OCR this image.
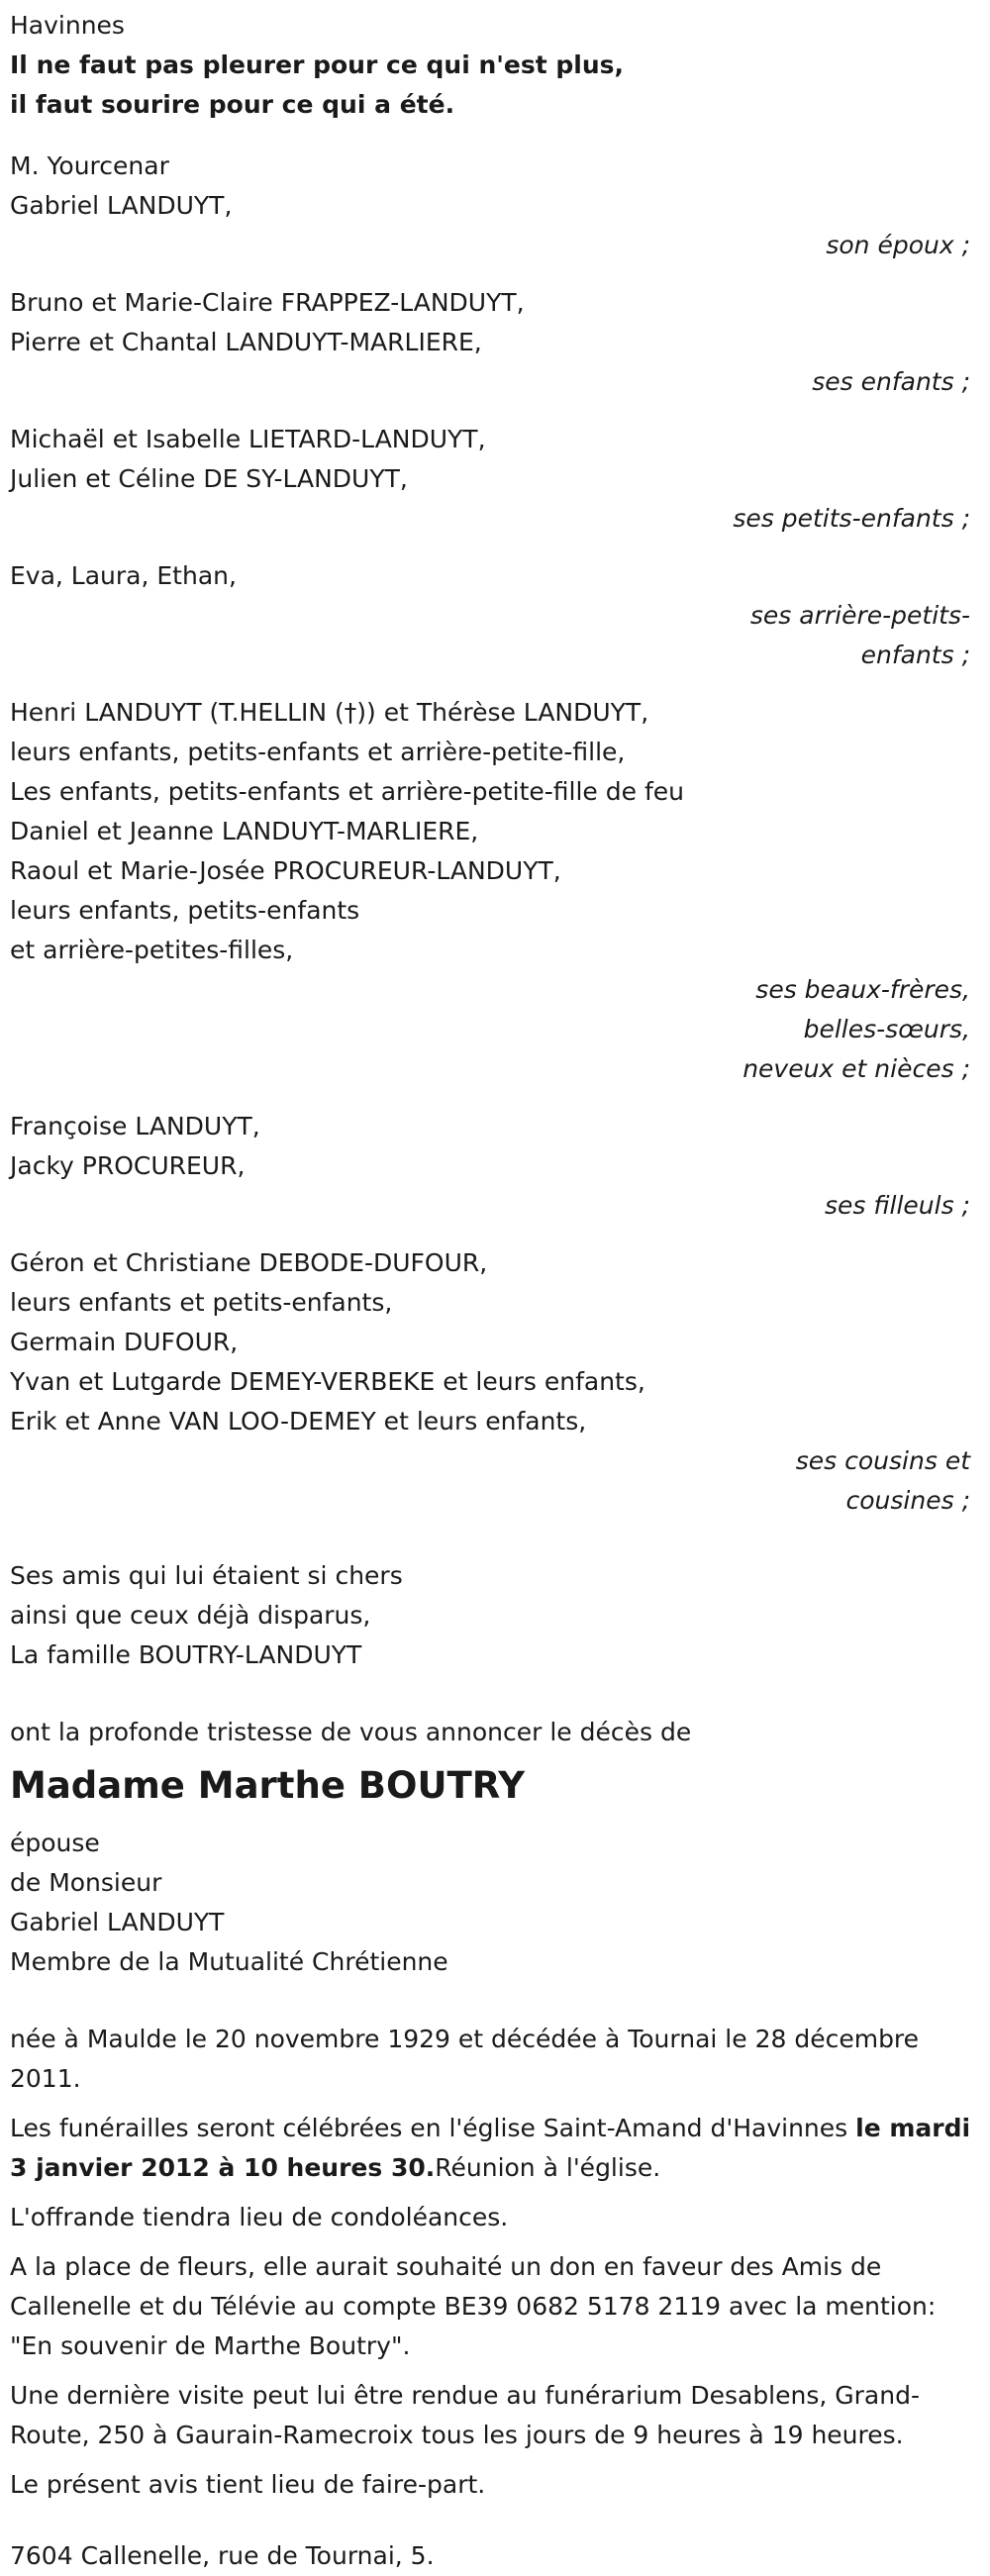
Havinnes
Il ne faut pas pleurer pour ce qui n'est plus,
il faut sourire pour ce qui a été.
M. Yourcenar
Gabriel LANDUYT,
son époux ;
Bruno et Marie-Claire FRAPPEZ-LANDUYT,
Pierre et Chantal LANDUYT-MARLIERE,
ses enfants ;
Michaël et Isabelle LIETARD-LANDUYT,
Julien et Céline DE SY-LANDUYT,
ses petits-enfants ;
Eva, Laura, Ethan,
ses arrière-petits-
enfants ;
Henri LANDUYT (T.HELLIN (†)) et Thérèse LANDUYT,
leurs enfants, petits-enfants et arrière-petite-fille,
Les enfants, petits-enfants et arrière-petite-fille de feu
Daniel et Jeanne LANDUYT-MARLIERE,
Raoul et Marie-Josée PROCUREUR-LANDUYT,
leurs enfants, petits-enfants
et arrière-petites-filles,
ses beaux-frères,
belles-sœurs,
neveux et nièces ;
Françoise LANDUYT,
Jacky PROCUREUR,
ses filleuls ;
Géron et Christiane DEBODE-DUFOUR,
leurs enfants et petits-enfants,
Germain DUFOUR,
Yvan et Lutgarde DEMEY-VERBEKE et leurs enfants,
Erik et Anne VAN LOO-DEMEY et leurs enfants,
ses cousins et
cousines ;
Ses amis qui lui étaient si chers
ainsi que ceux déjà disparus,
La famille BOUTRY-LANDUYT
ont la profonde tristesse de vous annoncer le décès de
Madame Marthe BOUTRY
épouse
de Monsieur
Gabriel LANDUYT
Membre de la Mutualité Chrétienne
née à Maulde le 20 novembre 1929 et décédée à Tournai le 28 décembre 2011.
Les funérailles seront célébrées en l'église Saint-Amand d'Havinnes le mardi 3 janvier 2012 à 10 heures 30.Réunion à l'église.
L'offrande tiendra lieu de condoléances.
A la place de fleurs, elle aurait souhaité un don en faveur des Amis de Callenelle et du Télévie au compte BE39 0682 5178 2119 avec la mention: "En souvenir de Marthe Boutry".
Une dernière visite peut lui être rendue au funérarium Desablens, Grand-Route, 250 à Gaurain-Ramecroix tous les jours de 9 heures à 19 heures.
Le présent avis tient lieu de faire-part.
7604 Callenelle, rue de Tournai, 5.
